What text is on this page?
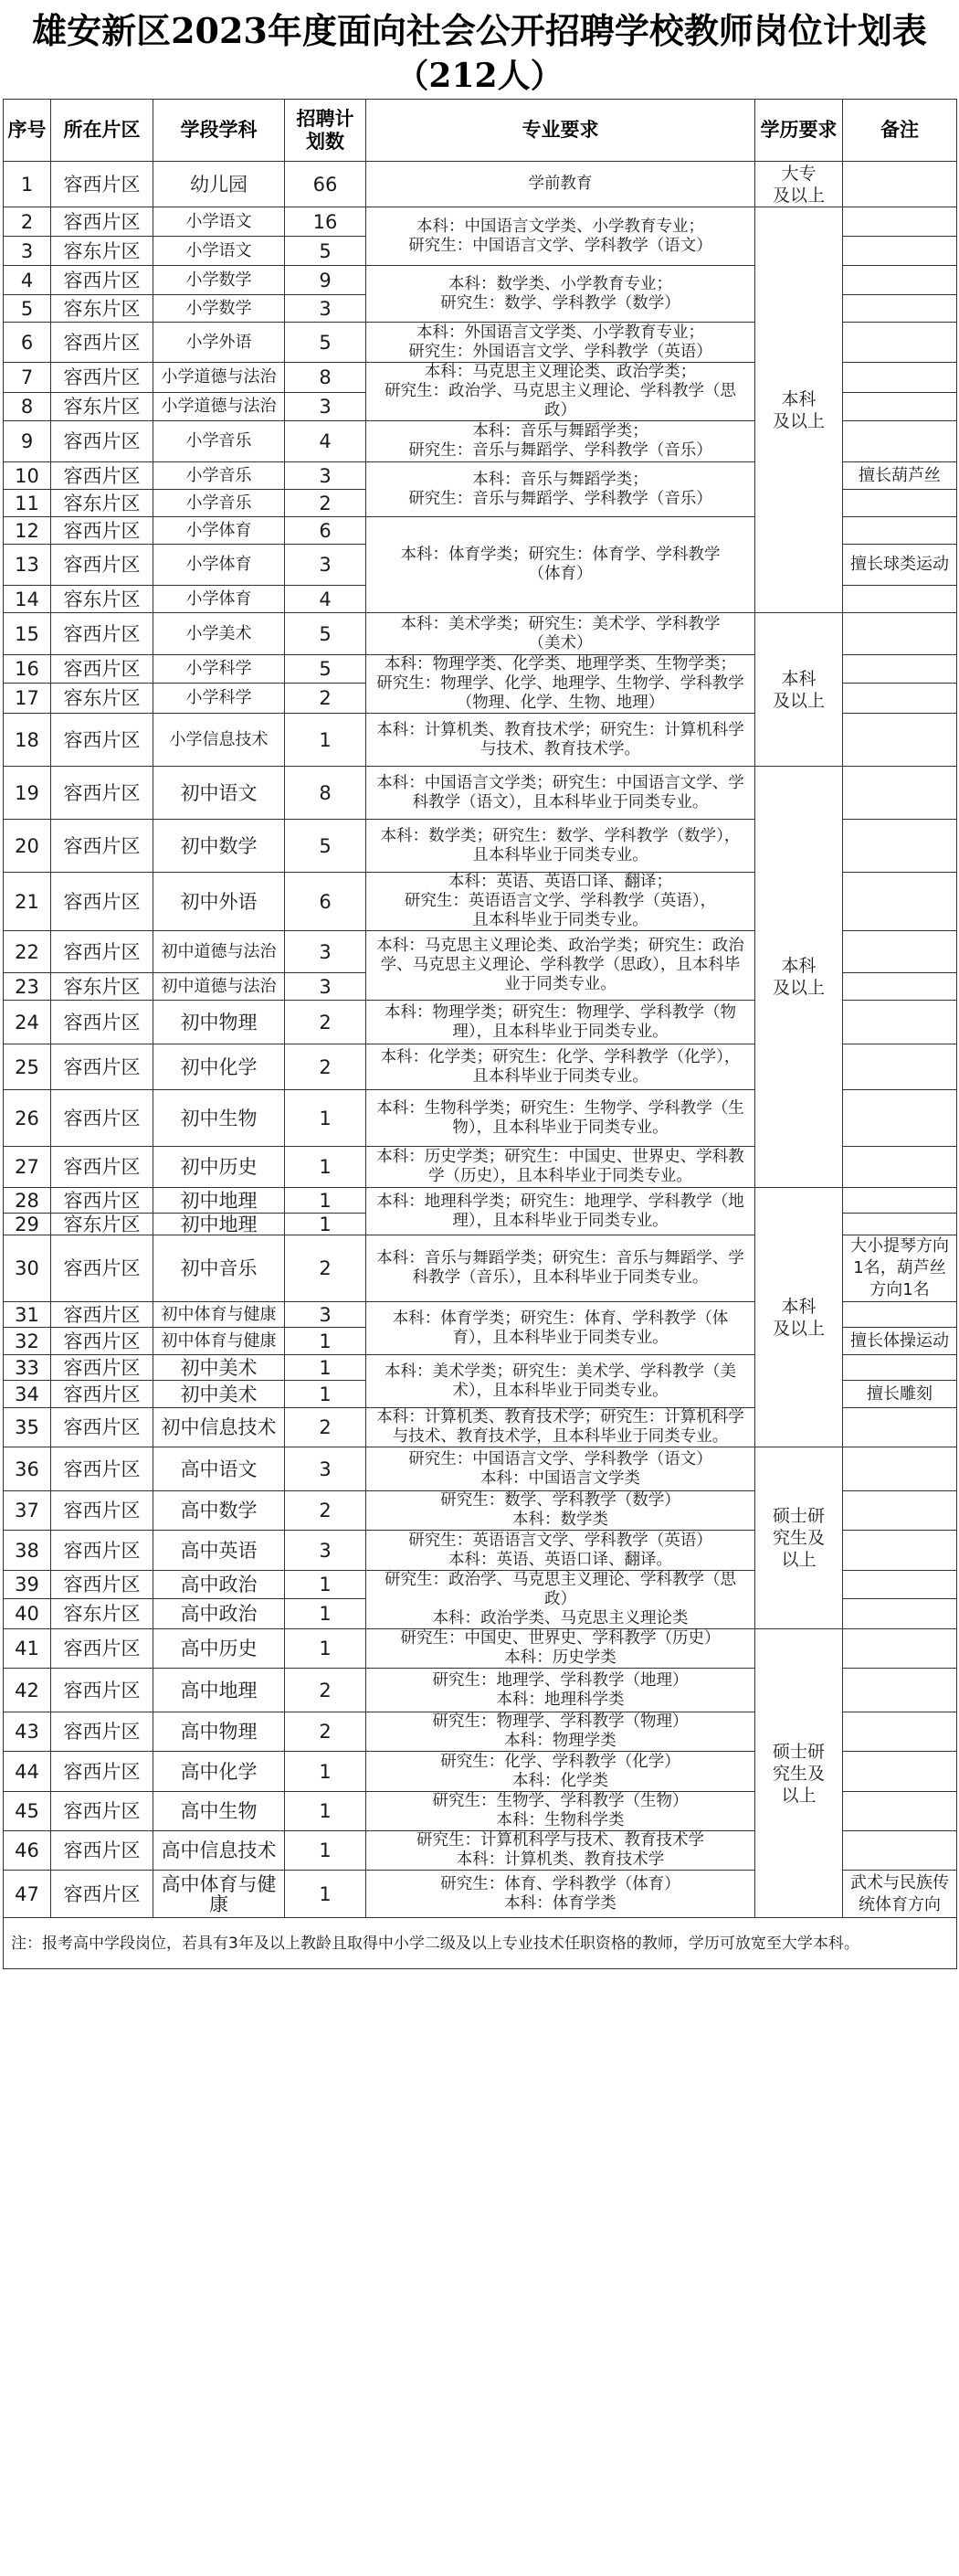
雄安新区2023年度面向社会公开招聘学校教师岗位计划表
（212人）
序号	所在片区	学段学科	招聘计划数	专业要求	学历要求	备注
1	容西片区	幼儿园	66	学前教育	大专
及以上	
2	容西片区	小学语文	16	本科：中国语言文学类、小学教育专业；
研究生：中国语言文学、学科教学（语文）	本科
及以上	
3	容东片区	小学语文	5			
4	容西片区	小学数学	9	本科：数学类、小学教育专业；
研究生：数学、学科教学（数学）		
5	容东片区	小学数学	3			
6	容西片区	小学外语	5	本科：外国语言文学类、小学教育专业；
研究生：外国语言文学、学科教学（英语）		
7	容西片区	小学道德与法治	8	本科：马克思主义理论类、政治学类；
研究生：政治学、马克思主义理论、学科教学（思政）		
8	容东片区	小学道德与法治	3			
9	容西片区	小学音乐	4	本科：音乐与舞蹈学类；
研究生：音乐与舞蹈学、学科教学（音乐）		
10	容西片区	小学音乐	3	本科：音乐与舞蹈学类；
研究生：音乐与舞蹈学、学科教学（音乐）		擅长葫芦丝
11	容东片区	小学音乐	2			
12	容西片区	小学体育	6	本科：体育学类；研究生：体育学、学科教学
（体育）		
13	容西片区	小学体育	3			擅长球类运动
14	容东片区	小学体育	4			
15	容西片区	小学美术	5	本科：美术学类；研究生：美术学、学科教学
（美术）	本科
及以上	
16	容西片区	小学科学	5	本科：物理学类、化学类、地理学类、生物学类；
研究生：物理学、化学、地理学、生物学、学科教学（物理、化学、生物、地理）		
17	容东片区	小学科学	2			
18	容西片区	小学信息技术	1	本科：计算机类、教育技术学；研究生：计算机科学与技术、教育技术学。		
19	容西片区	初中语文	8	本科：中国语言文学类；研究生：中国语言文学、学科教学（语文），且本科毕业于同类专业。	本科
及以上	
20	容西片区	初中数学	5	本科：数学类；研究生：数学、学科教学（数学），且本科毕业于同类专业。		
21	容西片区	初中外语	6	本科：英语、英语口译、翻译；
研究生：英语语言文学、学科教学（英语），
且本科毕业于同类专业。		
22	容西片区	初中道德与法治	3	本科：马克思主义理论类、政治学类；研究生：政治学、马克思主义理论、学科教学（思政），且本科毕业于同类专业。		
23	容东片区	初中道德与法治	3			
24	容西片区	初中物理	2	本科：物理学类；研究生：物理学、学科教学（物理），且本科毕业于同类专业。		
25	容西片区	初中化学	2	本科：化学类；研究生：化学、学科教学（化学），且本科毕业于同类专业。		
26	容西片区	初中生物	1	本科：生物科学类；研究生：生物学、学科教学（生物），且本科毕业于同类专业。		
27	容西片区	初中历史	1	本科：历史学类；研究生：中国史、世界史、学科教学（历史），且本科毕业于同类专业。		
28	容西片区	初中地理	1	本科：地理科学类；研究生：地理学、学科教学（地理），且本科毕业于同类专业。	本科
及以上	
29	容东片区	初中地理	1			
30	容西片区	初中音乐	2	本科：音乐与舞蹈学类；研究生：音乐与舞蹈学、学科教学（音乐），且本科毕业于同类专业。		大小提琴方向1名，葫芦丝方向1名
31	容西片区	初中体育与健康	3	本科：体育学类；研究生：体育、学科教学（体育），且本科毕业于同类专业。		
32	容西片区	初中体育与健康	1			擅长体操运动
33	容西片区	初中美术	1	本科：美术学类；研究生：美术学、学科教学（美术），且本科毕业于同类专业。		
34	容西片区	初中美术	1			擅长雕刻
35	容西片区	初中信息技术	2	本科：计算机类、教育技术学；研究生：计算机科学与技术、教育技术学，且本科毕业于同类专业。		
36	容西片区	高中语文	3	研究生：中国语言文学、学科教学（语文）
本科：中国语言文学类	硕士研
究生及
以上	
37	容西片区	高中数学	2	研究生：数学、学科教学（数学）
本科：数学类		
38	容西片区	高中英语	3	研究生：英语语言文学、学科教学（英语）
本科：英语、英语口译、翻译。		
39	容西片区	高中政治	1	研究生：政治学、马克思主义理论、学科教学（思政）
本科：政治学类、马克思主义理论类		
40	容东片区	高中政治	1			
41	容西片区	高中历史	1	研究生：中国史、世界史、学科教学（历史）
本科：历史学类	硕士研
究生及
以上	
42	容西片区	高中地理	2	研究生：地理学、学科教学（地理）
本科：地理科学类		
43	容西片区	高中物理	2	研究生：物理学、学科教学（物理）
本科：物理学类		
44	容西片区	高中化学	1	研究生：化学、学科教学（化学）
本科：化学类		
45	容西片区	高中生物	1	研究生：生物学、学科教学（生物）
本科：生物科学类		
46	容西片区	高中信息技术	1	研究生：计算机科学与技术、教育技术学
本科：计算机类、教育技术学		
47	容西片区	高中体育与健康	1	研究生：体育、学科教学（体育）
本科：体育学类		武术与民族传统体育方向
注：报考高中学段岗位，若具有3年及以上教龄且取得中小学二级及以上专业技术任职资格的教师，学历可放宽至大学本科。						
